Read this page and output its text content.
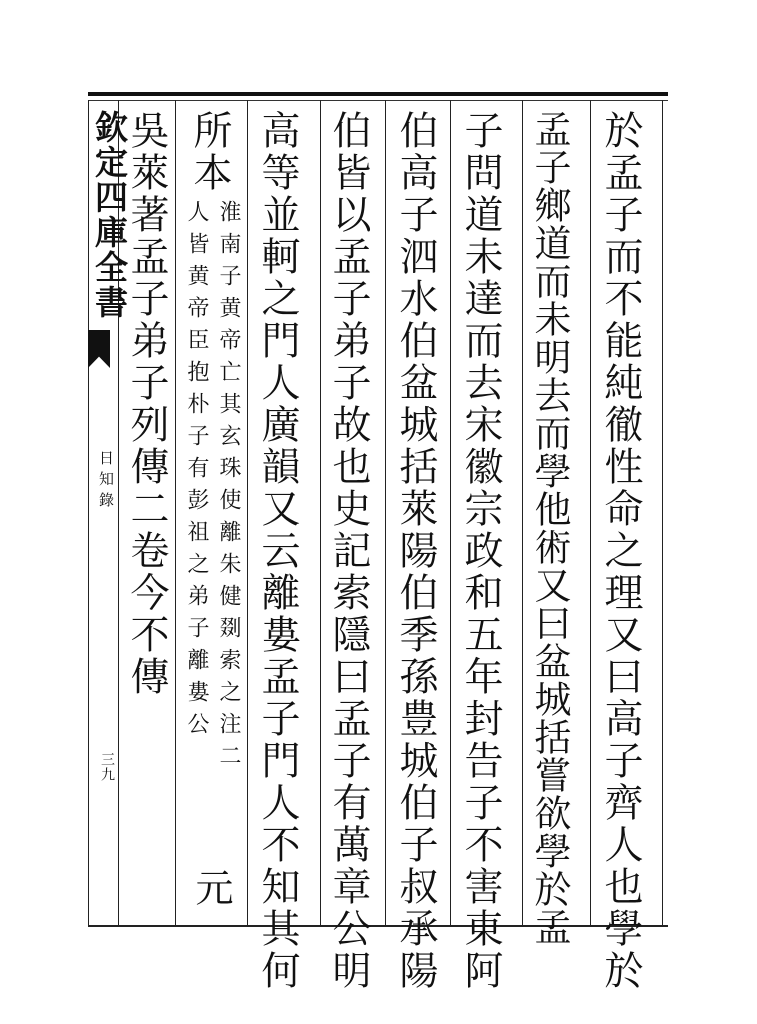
欽定四庫全書
日知錄
三九	於孟子而不能純徹性命之理又曰高子齊人也學於
孟子鄉道而未明去而學他術又曰盆城括嘗欲學於孟
子問道未達而去宋徽宗政和五年封告子不害東阿
伯高子泗水伯盆城括萊陽伯季孫豊城伯子叔承陽
伯皆以孟子弟子故也史記索隱曰孟子有萬章公明
高等並軻之門人廣韻又云離婁孟子門人不知其何
所本
淮南子黄帝亡其玄珠使離朱健剟索之注二
人皆黄帝臣抱朴子有彭祖之弟子離婁公
元
吳萊著孟子弟子列傳二卷今不傳
